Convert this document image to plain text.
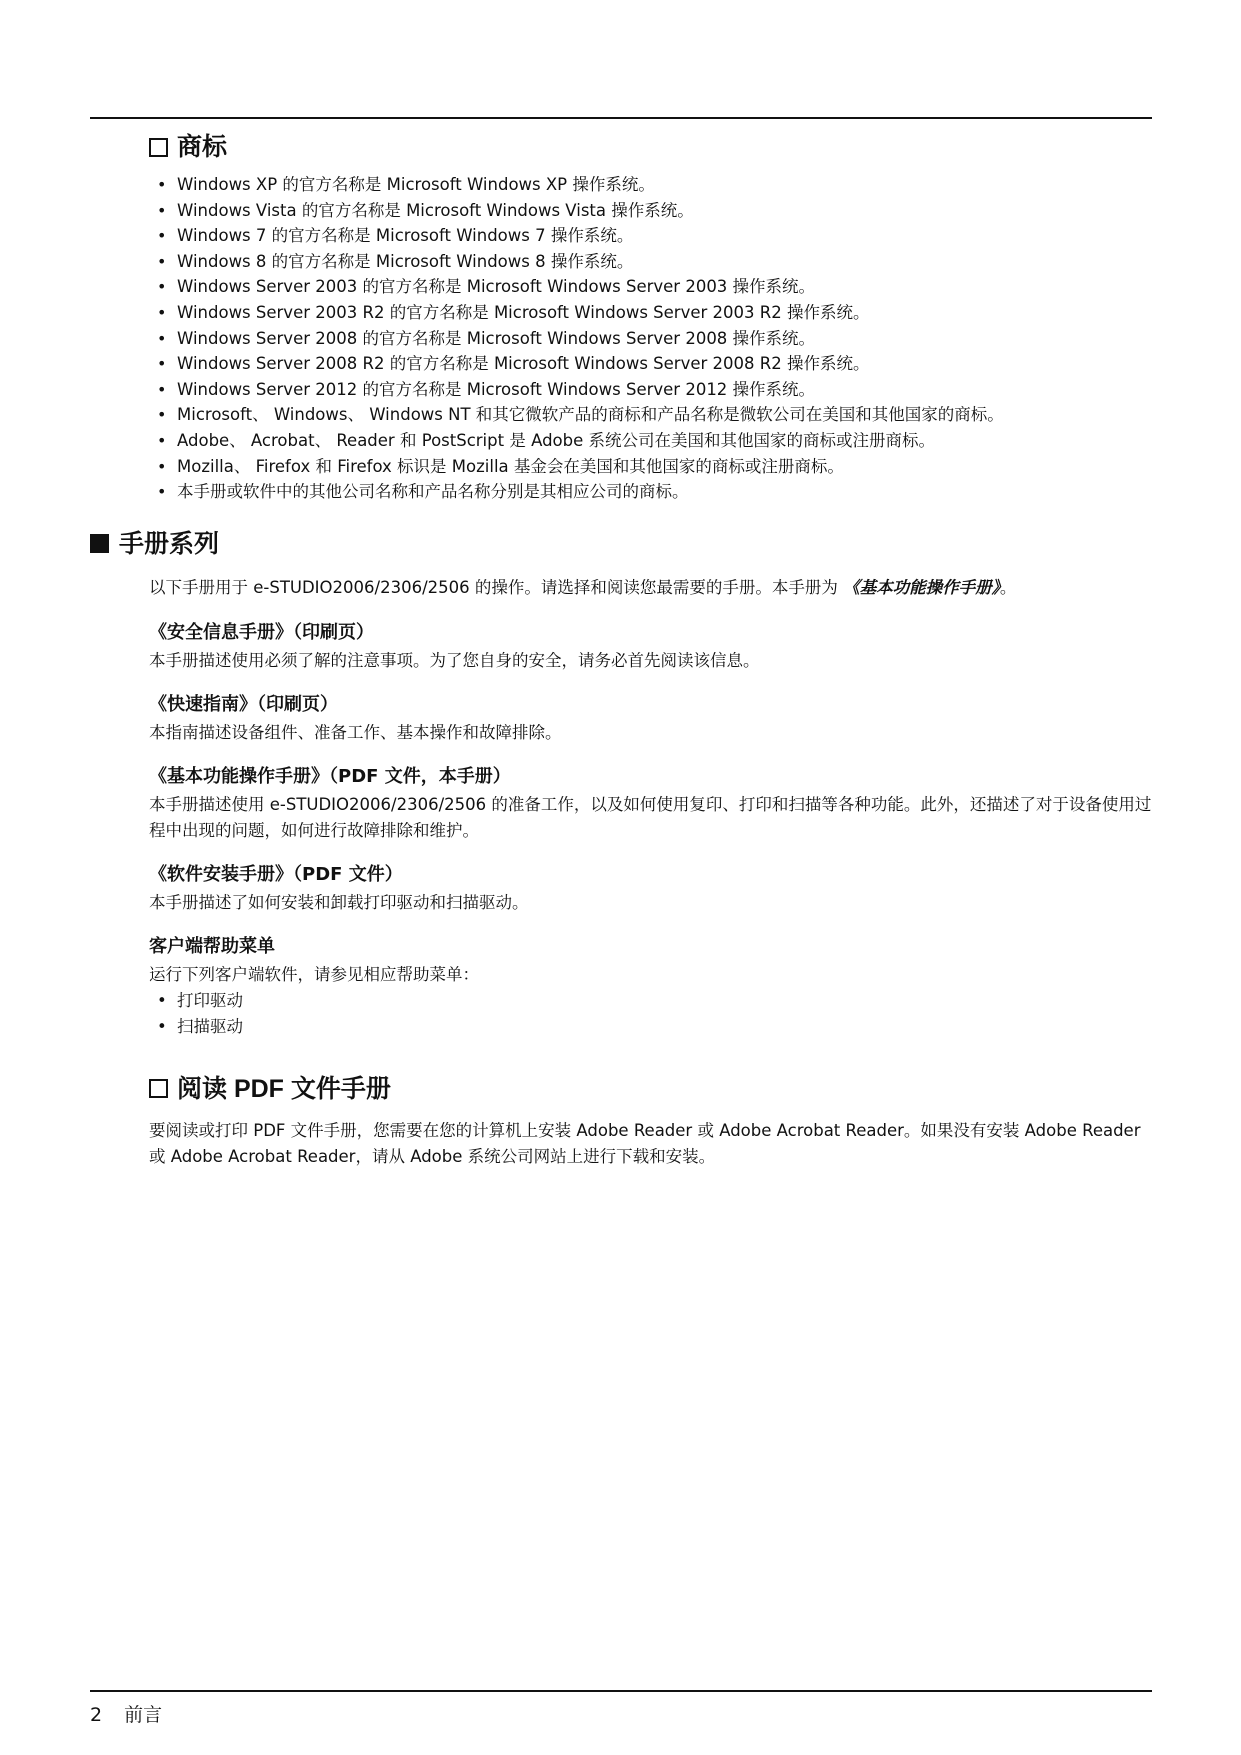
商标
• Windows XP 的官方名称是 Microsoft Windows XP 操作系统。
• Windows Vista 的官方名称是 Microsoft Windows Vista 操作系统。
• Windows 7 的官方名称是 Microsoft Windows 7 操作系统。
• Windows 8 的官方名称是 Microsoft Windows 8 操作系统。
• Windows Server 2003 的官方名称是 Microsoft Windows Server 2003 操作系统。
• Windows Server 2003 R2 的官方名称是 Microsoft Windows Server 2003 R2 操作系统。
• Windows Server 2008 的官方名称是 Microsoft Windows Server 2008 操作系统。
• Windows Server 2008 R2 的官方名称是 Microsoft Windows Server 2008 R2 操作系统。
• Windows Server 2012 的官方名称是 Microsoft Windows Server 2012 操作系统。
• Microsoft、 Windows、 Windows NT 和其它微软产品的商标和产品名称是微软公司在美国和其他国家的商标。
• Adobe、 Acrobat、 Reader 和 PostScript 是 Adobe 系统公司在美国和其他国家的商标或注册商标。
• Mozilla、 Firefox 和 Firefox 标识是 Mozilla 基金会在美国和其他国家的商标或注册商标。
• 本手册或软件中的其他公司名称和产品名称分别是其相应公司的商标。
手册系列

以下手册用于 e-STUDIO2006/2306/2506 的操作。请选择和阅读您最需要的手册。本手册为 《基本功能操作手册》。

《安全信息手册》（印刷页）

本手册描述使用必须了解的注意事项。为了您自身的安全，请务必首先阅读该信息。

《快速指南》（印刷页）

本指南描述设备组件、准备工作、基本操作和故障排除。

《基本功能操作手册》（PDF 文件，本手册）

本手册描述使用 e-STUDIO2006/2306/2506 的准备工作，以及如何使用复印、打印和扫描等各种功能。此外，还描述了对于设备使用过程中出现的问题，如何进行故障排除和维护。

《软件安装手册》（PDF 文件）

本手册描述了如何安装和卸载打印驱动和扫描驱动。

客户端帮助菜单

运行下列客户端软件，请参见相应帮助菜单：

• 打印驱动
• 扫描驱动
阅读 PDF 文件手册

要阅读或打印 PDF 文件手册，您需要在您的计算机上安装 Adobe Reader 或 Adobe Acrobat Reader。如果没有安装 Adobe Reader 或 Adobe Acrobat Reader，请从 Adobe 系统公司网站上进行下载和安装。

2 前言
